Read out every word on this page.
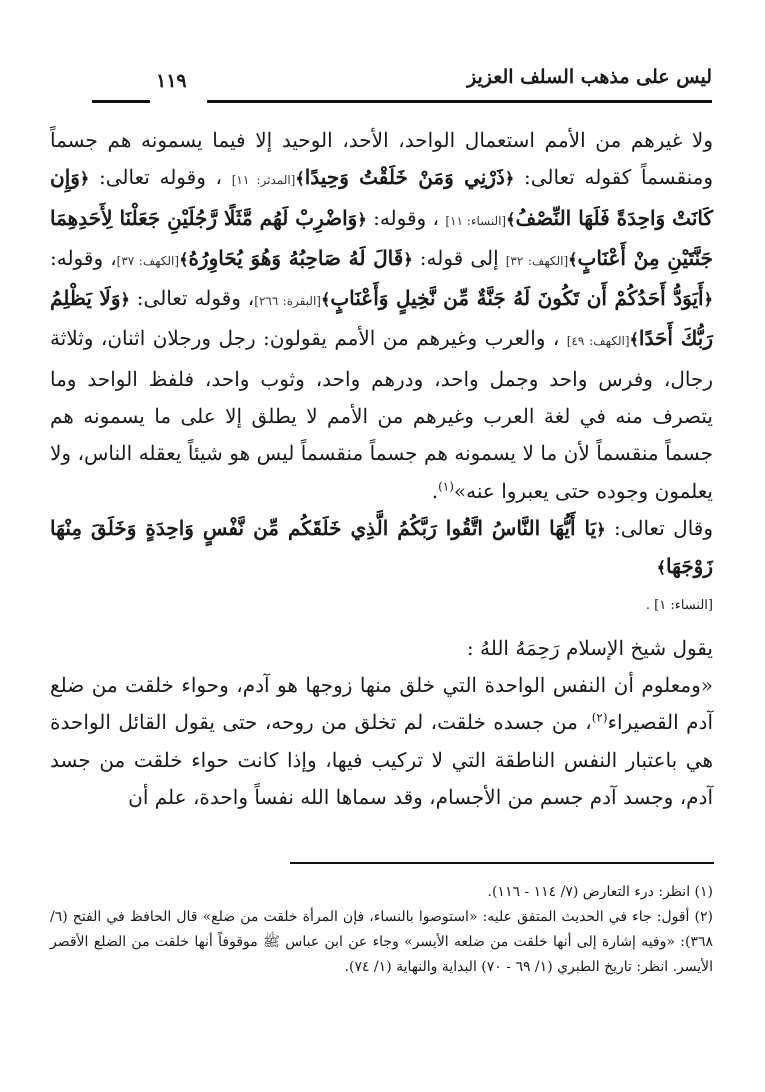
ليس على مذهب السلف العزيز
١١٩

ولا غيرهم من الأمم استعمال الواحد، الأحد، الوحيد إلا فيما يسمونه هم جسماً ومنقسماً كقوله تعالى: ﴿ذَرْنِي وَمَنْ خَلَقْتُ وَحِيدًا﴾[المدثر: ١١] ، وقوله تعالى: ﴿وَإِن كَانَتْ وَاحِدَةً فَلَهَا النِّصْفُ﴾[النساء: ١١] ، وقوله: ﴿وَاضْرِبْ لَهُم مَّثَلًا رَّجُلَيْنِ جَعَلْنَا لِأَحَدِهِمَا جَنَّتَيْنِ مِنْ أَعْنَابٍ﴾[الكهف: ٣٢] إلى قوله: ﴿قَالَ لَهُ صَاحِبُهُ وَهُوَ يُحَاوِرُهُ﴾[الكهف: ٣٧]، وقوله: ﴿أَيَوَدُّ أَحَدُكُمْ أَن تَكُونَ لَهُ جَنَّةٌ مِّن نَّخِيلٍ وَأَعْنَابٍ﴾[البقرة: ٢٦٦]، وقوله تعالى: ﴿وَلَا يَظْلِمُ رَبُّكَ أَحَدًا﴾[الكهف: ٤٩] ، والعرب وغيرهم من الأمم يقولون: رجل ورجلان اثنان، وثلاثة رجال، وفرس واحد وجمل واحد، ودرهم واحد، وثوب واحد، فلفظ الواحد وما يتصرف منه في لغة العرب وغيرهم من الأمم لا يطلق إلا على ما يسمونه هم جسماً منقسماً لأن ما لا يسمونه هم جسماً منقسماً ليس هو شيئاً يعقله الناس، ولا يعلمون وجوده حتى يعبروا عنه»$^{(١)}$.

وقال تعالى: ﴿يَا أَيُّهَا النَّاسُ اتَّقُوا رَبَّكُمُ الَّذِي خَلَقَكُم مِّن نَّفْسٍ وَاحِدَةٍ وَخَلَقَ مِنْهَا زَوْجَهَا﴾
[النساء: ١] .

يقول شيخ الإسلام رَحِمَهُ اللهُ :

«ومعلوم أن النفس الواحدة التي خلق منها زوجها هو آدم، وحواء خلقت من ضلع آدم القصيراء$^{(٢)}$، من جسده خلقت، لم تخلق من روحه، حتى يقول القائل الواحدة هي باعتبار النفس الناطقة التي لا تركيب فيها، وإذا كانت حواء خلقت من جسد آدم، وجسد آدم جسم من الأجسام، وقد سماها الله نفساً واحدة، علم أن

(١) انظر: درء التعارض (٧/ ١١٤ - ١١٦).

(٢) أقول: جاء في الحديث المتفق عليه: «استوصوا بالنساء، فإن المرأة خلقت من ضلع» قال الحافظ في الفتح (٦/ ٣٦٨): «وفيه إشارة إلى أنها خلقت من ضلعه الأيسر» وجاء عن ابن عباس ﷺ موقوفاً أنها خلقت من الضلع الأقصر الأيسر. انظر: تاريخ الطبري (١/ ٦٩ - ٧٠) البداية والنهاية (١/ ٧٤).
